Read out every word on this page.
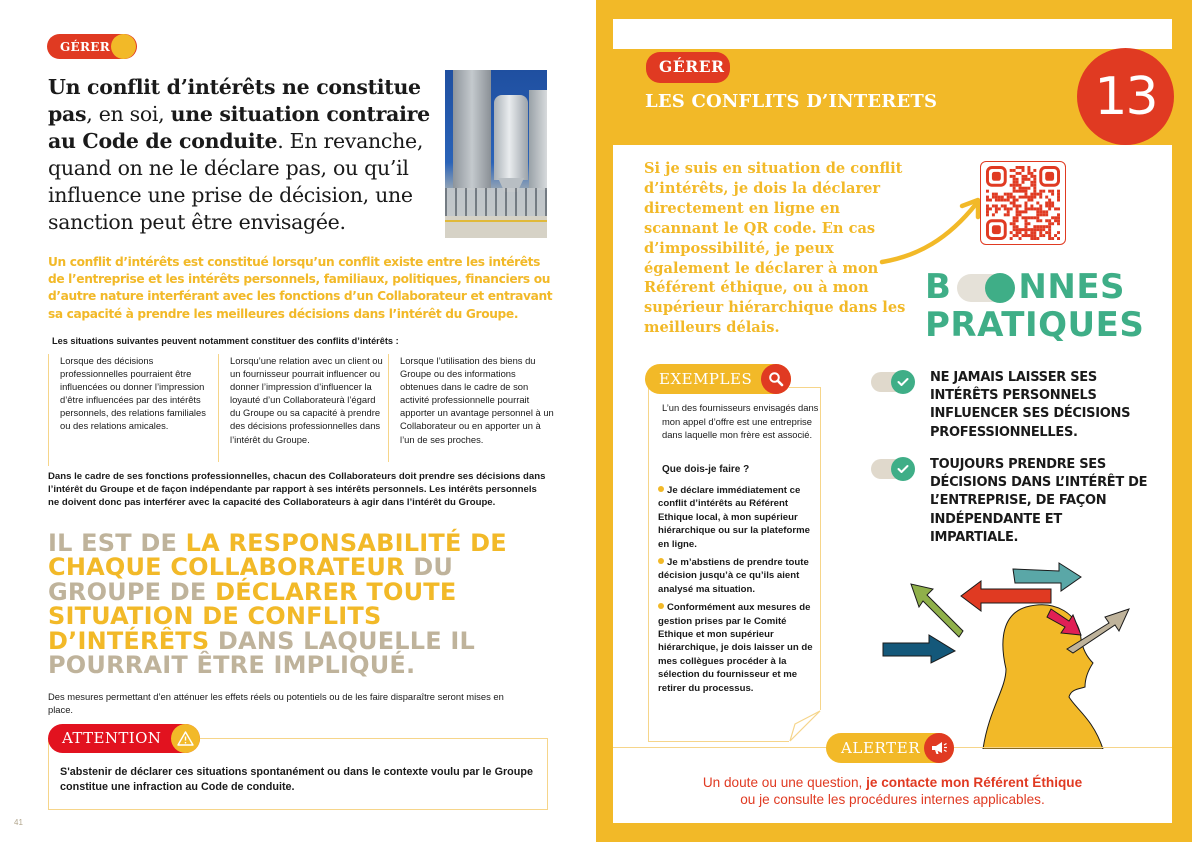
GÉRER

Un conflit d’intérêts ne constitue pas, en soi, une situation contraire au Code de conduite. En revanche, quand on ne le déclare pas, ou qu’il influence une prise de décision, une sanction peut être envisagée.

Un conflit d’intérêts est constitué lorsqu’un conflit existe entre les intérêts de l’entreprise et les intérêts personnels, familiaux, politiques, financiers ou d’autre nature interférant avec les fonctions d’un Collaborateur et entravant sa capacité à prendre les meilleures décisions dans l’intérêt du Groupe.

Les situations suivantes peuvent notamment constituer des conflits d’intérêts :

Lorsque des décisions professionnelles pourraient être influencées ou donner l’impression d’être influencées par des intérêts personnels, des relations familiales ou des relations amicales.
Lorsqu’une relation avec un client ou un fournisseur pourrait influencer ou donner l’impression d’influencer la loyauté d’un Collaborateurà l’égard du Groupe ou sa capacité à prendre des décisions professionnelles dans l’intérêt du Groupe.
Lorsque l’utilisation des biens du Groupe ou des informations obtenues dans le cadre de son activité professionnelle pourrait apporter un avantage personnel à un Collaborateur ou en apporter un à l’un de ses proches.

Dans le cadre de ses fonctions professionnelles, chacun des Collaborateurs doit prendre ses décisions dans l’intérêt du Groupe et de façon indépendante par rapport à ses intérêts personnels. Les intérêts personnels ne doivent donc pas interférer avec la capacité des Collaborateurs à agir dans l’intérêt du Groupe.

IL EST DE LA RESPONSABILITÉ DE CHAQUE COLLABORATEUR DU GROUPE DE DÉCLARER TOUTE SITUATION DE CONFLITS D’INTÉRÊTS DANS LAQUELLE IL POURRAIT ÊTRE IMPLIQUÉ.

Des mesures permettant d’en atténuer les effets réels ou potentiels ou de les faire disparaître seront mises en place.

ATTENTION

S'abstenir de déclarer ces situations spontanément ou dans le contexte voulu par le Groupe constitue une infraction au Code de conduite.

41
GÉRER
LES CONFLITS D’INTERETS	13

Si je suis en situation de conflit d’intérêts, je dois la déclarer directement en ligne en scannant le QR code. En cas d’impossibilité, je peux également le déclarer à mon Référent éthique, ou à mon supérieur hiérarchique dans les meilleurs délais.

B NNES
PRATIQUES
NE JAMAIS LAISSER SES INTÉRÊTS PERSONNELS INFLUENCER SES DÉCISIONS PROFESSIONNELLES.
TOUJOURS PRENDRE SES DÉCISIONS DANS L’INTÉRÊT DE L’ENTREPRISE, DE FAÇON INDÉPENDANTE ET IMPARTIALE.
EXEMPLES

L’un des fournisseurs envisagés dans mon appel d’offre est une entreprise dans laquelle mon frère est associé.

Que dois-je faire ?

Je déclare immédiatement ce conflit d’intérêts au Référent Ethique local, à mon supérieur hiérarchique ou sur la plateforme en ligne.
Je m’abstiens de prendre toute décision jusqu’à ce qu’ils aient analysé ma situation.
Conformément aux mesures de gestion prises par le Comité Ethique et mon supérieur hiérarchique, je dois laisser un de mes collègues procéder à la sélection du fournisseur et me retirer du processus.
ALERTER

Un doute ou une question, je contacte mon Référent Éthique
ou je consulte les procédures internes applicables.
